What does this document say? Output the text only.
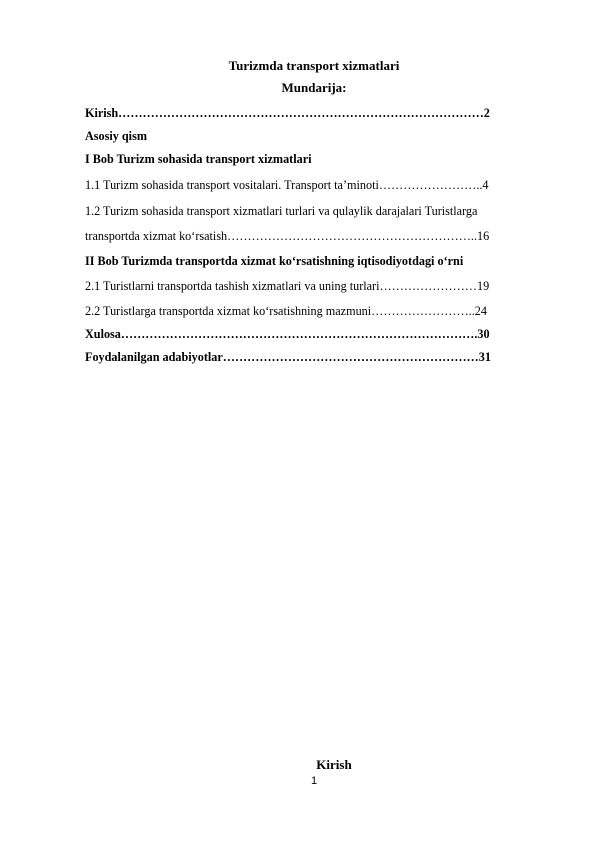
Turizmda transport xizmatlari
Mundarija:
Kirish………………………………………………………………………………2
Asosiy qism
I Bob Turizm sohasida transport xizmatlari
1.1 Turizm sohasida transport vositalari. Transport ta’minoti……………………..4
1.2 Turizm sohasida transport xizmatlari turlari va qulaylik darajalari Turistlarga
transportda xizmat koʻrsatish……………………………………………………..16
II Bob Turizmda transportda xizmat koʻrsatishning iqtisodiyotdagi oʻrni
2.1 Turistlarni transportda tashish xizmatlari va uning turlari……………………19
2.2 Turistlarga transportda xizmat koʻrsatishning mazmuni……………………..24
Xulosa…………………………………………………………………………….30
Foydalanilgan adabiyotlar………………………………………………………31
Kirish
1
